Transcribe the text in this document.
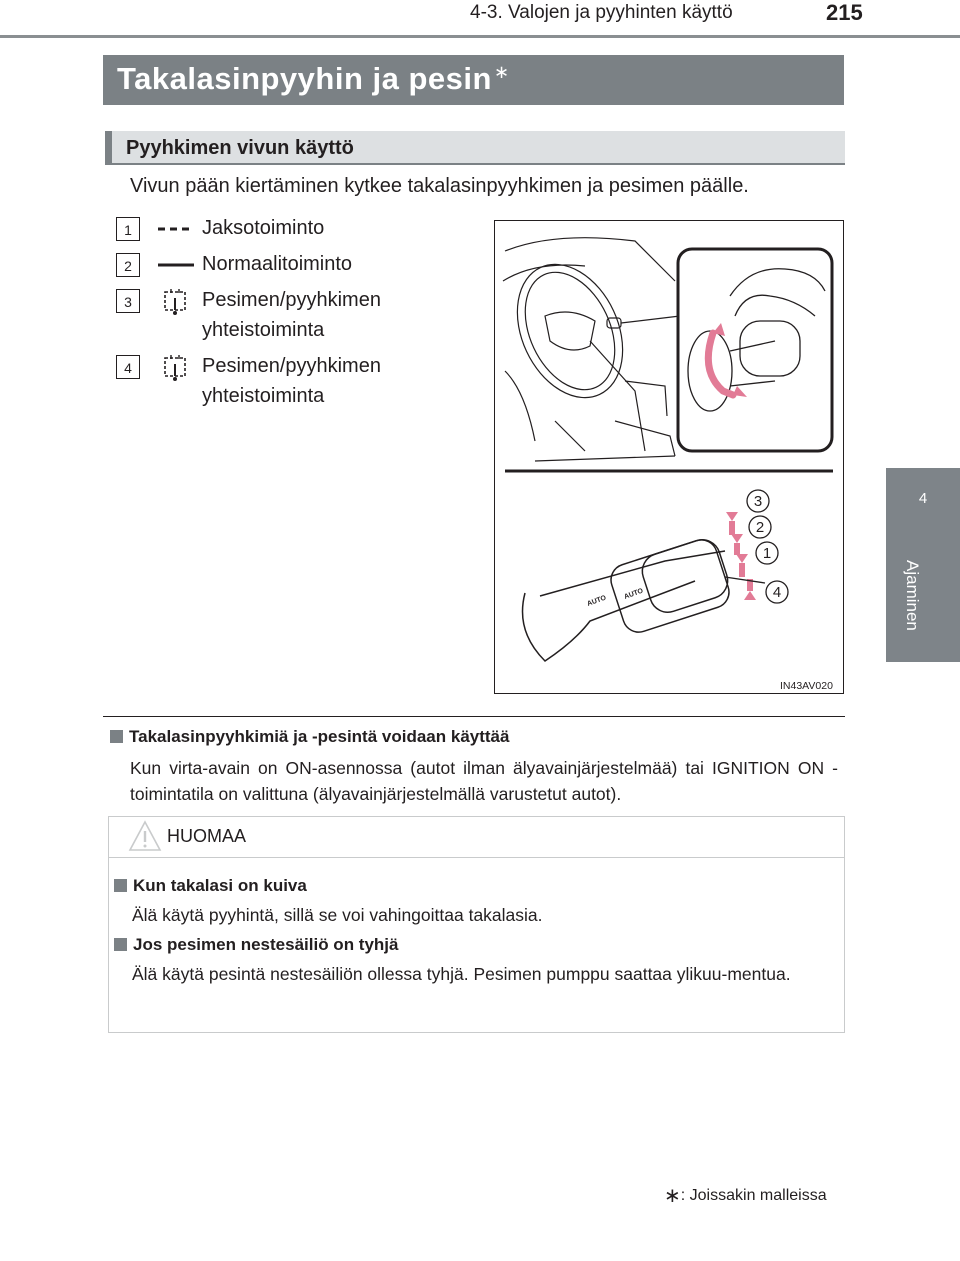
4-3. Valojen ja pyyhinten käyttö	215
4
Ajaminen
Takalasinpyyhin ja pesin ∗
Pyyhkimen vivun käyttö
Vivun pään kiertäminen kytkee takalasinpyyhkimen ja pesimen päälle.
1	Jaksotoiminto
2	Normaalitoiminto
3	Pesimen/pyyhkimen
yhteistoiminta
4	Pesimen/pyyhkimen
yhteistoiminta
AUTO
AUTO
3
2
1
4
IN43AV020
Takalasinpyyhkimiä ja -pesintä voidaan käyttää
Kun virta-avain on ON-asennossa (autot ilman älyavainjärjestelmää) tai IGNITION ON -toimintatila on valittuna (älyavainjärjestelmällä varustetut autot).
HUOMAA
Kun takalasi on kuiva
Älä käytä pyyhintä, sillä se voi vahingoittaa takalasia.
Jos pesimen nestesäiliö on tyhjä
Älä käytä pesintä nestesäiliön ollessa tyhjä. Pesimen pumppu saattaa ylikuu-mentua.
∗: Joissakin malleissa
